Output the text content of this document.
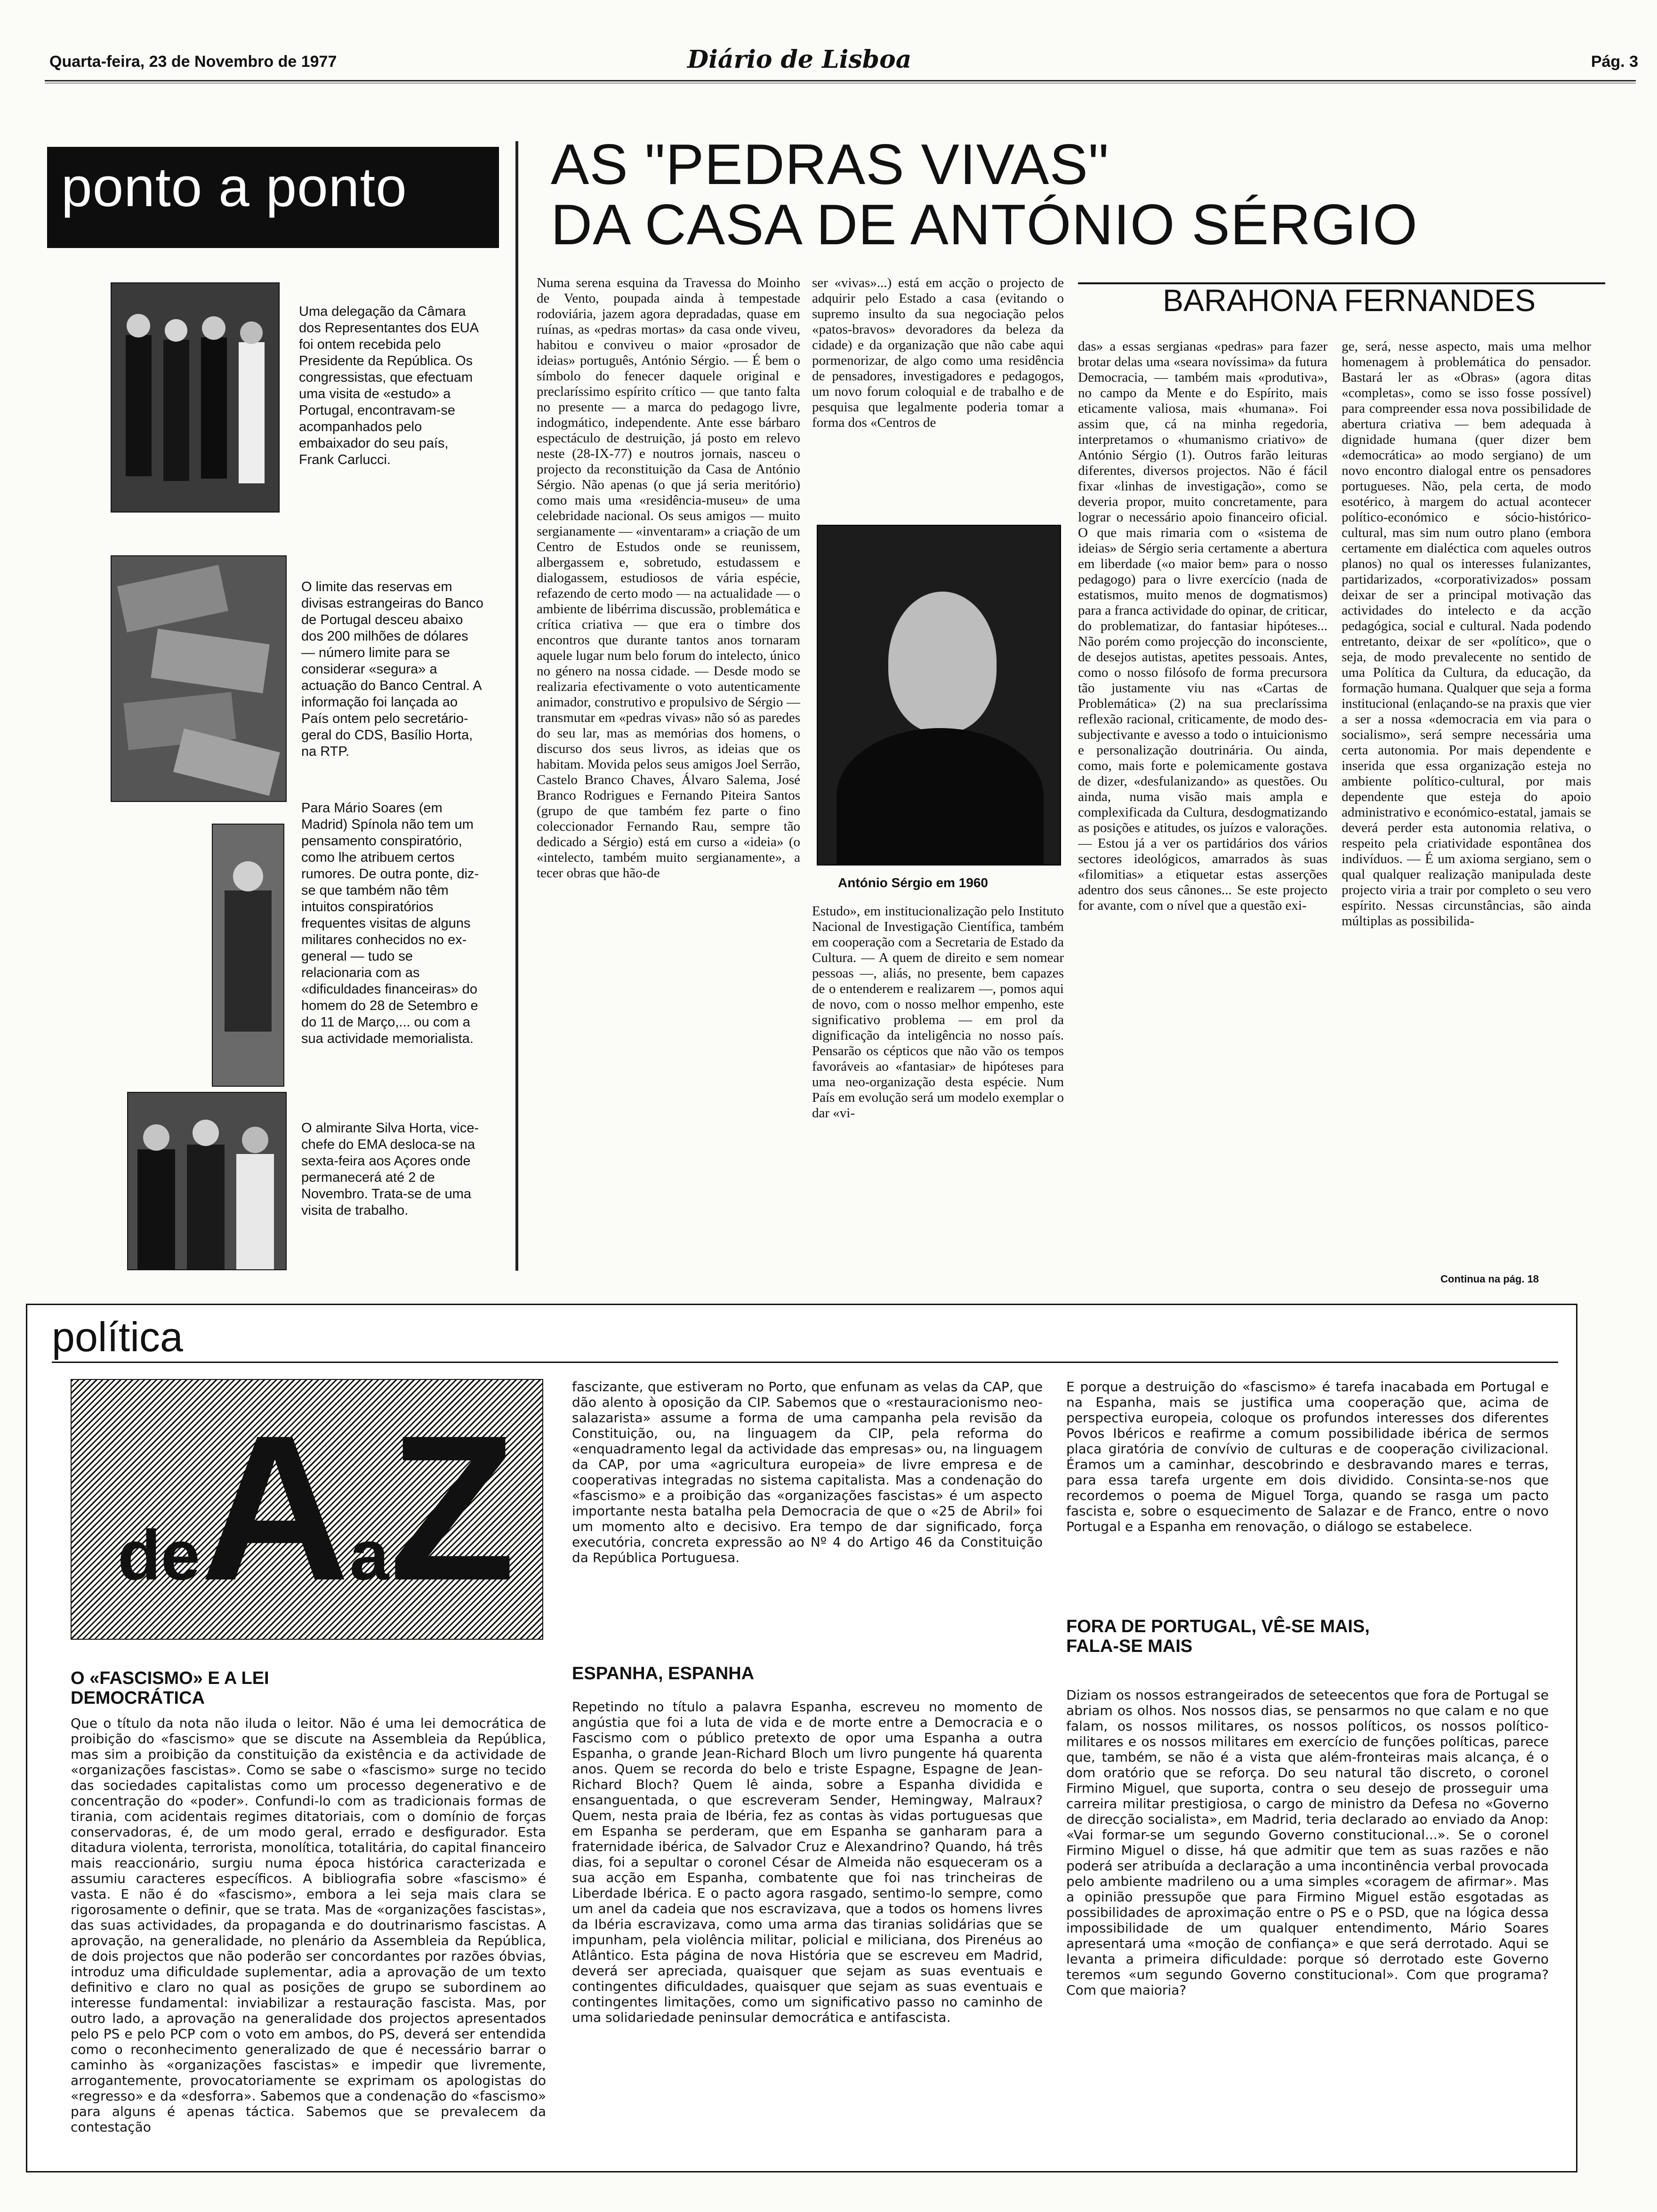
Quarta-feira, 23 de Novembro de 1977	Diário de Lisboa	Pág. 3
ponto a ponto
Uma delegação da Câmara dos Representantes dos EUA foi ontem recebida pelo Presidente da República. Os congressistas, que efectuam uma visita de «estudo» a Portugal, encontravam-se acompanhados pelo embaixador do seu país, Frank Carlucci.
O limite das reservas em divisas estrangeiras do Banco de Portugal desceu abaixo dos 200 milhões de dólares — número limite para se considerar «segura» a actuação do Banco Central. A informação foi lançada ao País ontem pelo secretário-geral do CDS, Basílio Horta, na RTP.
Para Mário Soares (em Madrid) Spínola não tem um pensamento conspiratório, como lhe atribuem certos rumores. De outra ponte, diz-se que também não têm intuitos conspiratórios frequentes visitas de alguns militares conhecidos no ex-general — tudo se relacionaria com as «dificuldades financeiras» do homem do 28 de Setembro e do 11 de Março,... ou com a sua actividade memorialista.
O almirante Silva Horta, vice-chefe do EMA desloca-se na sexta-feira aos Açores onde permanecerá até 2 de Novembro. Trata-se de uma visita de trabalho.
AS "PEDRAS VIVAS"
DA CASA DE ANTÓNIO SÉRGIO
BARAHONA FERNANDES
Numa serena esquina da Travessa do Moinho de Vento, poupada ainda à tempestade rodoviária, jazem agora depradadas, quase em ruínas, as «pedras mortas» da casa onde viveu, habitou e conviveu o maior «prosador de ideias» português, António Sérgio. — É bem o símbolo do fenecer daquele original e preclaríssimo espírito crítico — que tanto falta no presente — a marca do pedagogo livre, indogmático, independente. Ante esse bárbaro espectáculo de destruição, já posto em relevo neste (28-IX-77) e noutros jornais, nasceu o projecto da reconstituição da Casa de António Sérgio. Não apenas (o que já seria meritório) como mais uma «residência-museu» de uma celebridade nacional. Os seus amigos — muito sergianamente — «inventaram» a criação de um Centro de Estudos onde se reunissem, albergassem e, sobretudo, estudassem e dialogassem, estudiosos de vária espécie, refazendo de certo modo — na actualidade — o ambiente de libérrima discussão, problemática e crítica criativa — que era o timbre dos encontros que durante tantos anos tornaram aquele lugar num belo forum do intelecto, único no género na nossa cidade. — Desde modo se realizaria efectivamente o voto autenticamente animador, construtivo e propulsivo de Sérgio — transmutar em «pedras vivas» não só as paredes do seu lar, mas as memórias dos homens, o discurso dos seus livros, as ideias que os habitam. Movida pelos seus amigos Joel Serrão, Castelo Branco Chaves, Álvaro Salema, José Branco Rodrigues e Fernando Piteira Santos (grupo de que também fez parte o fino coleccionador Fernando Rau, sempre tão dedicado a Sérgio) está em curso a «ideia» (o «intelecto, também muito sergianamente», a tecer obras que hão-de
ser «vivas»...) está em acção o projecto de adquirir pelo Estado a casa (evitando o supremo insulto da sua negociação pelos «patos-bravos» devoradores da beleza da cidade) e da organização que não cabe aqui pormenorizar, de algo como uma residência de pensadores, investigadores e pedagogos, um novo forum coloquial e de trabalho e de pesquisa que legalmente poderia tomar a forma dos «Centros de
António Sérgio em 1960
Estudo», em institucionalização pelo Instituto Nacional de Investigação Científica, também em cooperação com a Secretaria de Estado da Cultura. — A quem de direito e sem nomear pessoas —, aliás, no presente, bem capazes de o entenderem e realizarem —, pomos aqui de novo, com o nosso melhor empenho, este significativo problema — em prol da dignificação da inteligência no nosso país. Pensarão os cépticos que não vão os tempos favoráveis ao «fantasiar» de hipóteses para uma neo-organização desta espécie. Num País em evolução será um modelo exemplar o dar «vi-
das» a essas sergianas «pedras» para fazer brotar delas uma «seara novíssima» da futura Democracia, — também mais «produtiva», no campo da Mente e do Espírito, mais eticamente valiosa, mais «humana». Foi assim que, cá na minha regedoria, interpretamos o «humanismo criativo» de António Sérgio (1). Outros farão leituras diferentes, diversos projectos. Não é fácil fixar «linhas de investigação», como se deveria propor, muito concretamente, para lograr o necessário apoio financeiro oficial. O que mais rimaria com o «sistema de ideias» de Sérgio seria certamente a abertura em liberdade («o maior bem» para o nosso pedagogo) para o livre exercício (nada de estatismos, muito menos de dogmatismos) para a franca actividade do opinar, de criticar, do problematizar, do fantasiar hipóteses... Não porém como projecção do inconsciente, de desejos autistas, apetites pessoais. Antes, como o nosso filósofo de forma precursora tão justamente viu nas «Cartas de Problemática» (2) na sua preclaríssima reflexão racional, criticamente, de modo des-subjectivante e avesso a todo o intuicionismo e personalização doutrinária. Ou ainda, como, mais forte e polemicamente gostava de dizer, «desfulanizando» as questões. Ou ainda, numa visão mais ampla e complexificada da Cultura, desdogmatizando as posições e atitudes, os juízos e valorações. — Estou já a ver os partidários dos vários sectores ideológicos, amarrados às suas «filomitias» a etiquetar estas asserções adentro dos seus cânones... Se este projecto for avante, com o nível que a questão exi-
ge, será, nesse aspecto, mais uma melhor homenagem à problemática do pensador. Bastará ler as «Obras» (agora ditas «completas», como se isso fosse possível) para compreender essa nova possibilidade de abertura criativa — bem adequada à dignidade humana (quer dizer bem «democrática» ao modo sergiano) de um novo encontro dialogal entre os pensadores portugueses. Não, pela certa, de modo esotérico, à margem do actual acontecer político-económico e sócio-histórico-cultural, mas sim num outro plano (embora certamente em dialéctica com aqueles outros planos) no qual os interesses fulanizantes, partidarizados, «corporativizados» possam deixar de ser a principal motivação das actividades do intelecto e da acção pedagógica, social e cultural. Nada podendo entretanto, deixar de ser «político», que o seja, de modo prevalecente no sentido de uma Política da Cultura, da educação, da formação humana. Qualquer que seja a forma institucional (enlaçando-se na praxis que vier a ser a nossa «democracia em via para o socialismo», será sempre necessária uma certa autonomia. Por mais dependente e inserida que essa organização esteja no ambiente político-cultural, por mais dependente que esteja do apoio administrativo e económico-estatal, jamais se deverá perder esta autonomia relativa, o respeito pela criatividade espontânea dos indivíduos. — É um axioma sergiano, sem o qual qualquer realização manipulada deste projecto viria a trair por completo o seu vero espírito. Nessas circunstâncias, são ainda múltiplas as possibilida-
Continua na pág. 18
política
deAaZ
O «FASCISMO» E A LEI DEMOCRÁTICA
Que o título da nota não iluda o leitor. Não é uma lei democrática de proibição do «fascismo» que se discute na Assembleia da República, mas sim a proibição da constituição da existência e da actividade de «organizações fascistas». Como se sabe o «fascismo» surge no tecido das sociedades capitalistas como um processo degenerativo e de concentração do «poder». Confundi-lo com as tradicionais formas de tirania, com acidentais regimes ditatoriais, com o domínio de forças conservadoras, é, de um modo geral, errado e desfigurador. Esta ditadura violenta, terrorista, monolítica, totalitária, do capital financeiro mais reaccionário, surgiu numa época histórica caracterizada e assumiu caracteres específicos. A bibliografia sobre «fascismo» é vasta. E não é do «fascismo», embora a lei seja mais clara se rigorosamente o definir, que se trata. Mas de «organizações fascistas», das suas actividades, da propaganda e do doutrinarismo fascistas. A aprovação, na generalidade, no plenário da Assembleia da República, de dois projectos que não poderão ser concordantes por razões óbvias, introduz uma dificuldade suplementar, adia a aprovação de um texto definitivo e claro no qual as posições de grupo se subordinem ao interesse fundamental: inviabilizar a restauração fascista. Mas, por outro lado, a aprovação na generalidade dos projectos apresentados pelo PS e pelo PCP com o voto em ambos, do PS, deverá ser entendida como o reconhecimento generalizado de que é necessário barrar o caminho às «organizações fascistas» e impedir que livremente, arrogantemente, provocatoriamente se exprimam os apologistas do «regresso» e da «desforra». Sabemos que a condenação do «fascismo» para alguns é apenas táctica. Sabemos que se prevalecem da contestação
fascizante, que estiveram no Porto, que enfunam as velas da CAP, que dão alento à oposição da CIP. Sabemos que o «restauracionismo neo-salazarista» assume a forma de uma campanha pela revisão da Constituição, ou, na linguagem da CIP, pela reforma do «enquadramento legal da actividade das empresas» ou, na linguagem da CAP, por uma «agricultura europeia» de livre empresa e de cooperativas integradas no sistema capitalista. Mas a condenação do «fascismo» e a proibição das «organizações fascistas» é um aspecto importante nesta batalha pela Democracia de que o «25 de Abril» foi um momento alto e decisivo. Era tempo de dar significado, força executória, concreta expressão ao Nº 4 do Artigo 46 da Constituição da República Portuguesa.
ESPANHA, ESPANHA
Repetindo no título a palavra Espanha, escreveu no momento de angústia que foi a luta de vida e de morte entre a Democracia e o Fascismo com o público pretexto de opor uma Espanha a outra Espanha, o grande Jean-Richard Bloch um livro pungente há quarenta anos. Quem se recorda do belo e triste Espagne, Espagne de Jean-Richard Bloch? Quem lê ainda, sobre a Espanha dividida e ensanguentada, o que escreveram Sender, Hemingway, Malraux? Quem, nesta praia de Ibéria, fez as contas às vidas portuguesas que em Espanha se perderam, que em Espanha se ganharam para a fraternidade ibérica, de Salvador Cruz e Alexandrino? Quando, há três dias, foi a sepultar o coronel César de Almeida não esqueceram os a sua acção em Espanha, combatente que foi nas trincheiras de Liberdade Ibérica. E o pacto agora rasgado, sentimo-lo sempre, como um anel da cadeia que nos escravizava, que a todos os homens livres da Ibéria escravizava, como uma arma das tiranias solidárias que se impunham, pela violência militar, policial e miliciana, dos Pirenéus ao Atlântico. Esta página de nova História que se escreveu em Madrid, deverá ser apreciada, quaisquer que sejam as suas eventuais e contingentes dificuldades, quaisquer que sejam as suas eventuais e contingentes limitações, como um significativo passo no caminho de uma solidariedade peninsular democrática e antifascista.
E porque a destruição do «fascismo» é tarefa inacabada em Portugal e na Espanha, mais se justifica uma cooperação que, acima de perspectiva europeia, coloque os profundos interesses dos diferentes Povos Ibéricos e reafirme a comum possibilidade ibérica de sermos placa giratória de convívio de culturas e de cooperação civilizacional. Éramos um a caminhar, descobrindo e desbravando mares e terras, para essa tarefa urgente em dois dividido. Consinta-se-nos que recordemos o poema de Miguel Torga, quando se rasga um pacto fascista e, sobre o esquecimento de Salazar e de Franco, entre o novo Portugal e a Espanha em renovação, o diálogo se estabelece.
FORA DE PORTUGAL, VÊ-SE MAIS, FALA-SE MAIS
Diziam os nossos estrangeirados de seteecentos que fora de Portugal se abriam os olhos. Nos nossos dias, se pensarmos no que calam e no que falam, os nossos militares, os nossos políticos, os nossos político-militares e os nossos militares em exercício de funções políticas, parece que, também, se não é a vista que além-fronteiras mais alcança, é o dom oratório que se reforça. Do seu natural tão discreto, o coronel Firmino Miguel, que suporta, contra o seu desejo de prosseguir uma carreira militar prestigiosa, o cargo de ministro da Defesa no «Governo de direcção socialista», em Madrid, teria declarado ao enviado da Anop: «Vai formar-se um segundo Governo constitucional...». Se o coronel Firmino Miguel o disse, há que admitir que tem as suas razões e não poderá ser atribuída a declaração a uma incontinência verbal provocada pelo ambiente madrileno ou a uma simples «coragem de afirmar». Mas a opinião pressupõe que para Firmino Miguel estão esgotadas as possibilidades de aproximação entre o PS e o PSD, que na lógica dessa impossibilidade de um qualquer entendimento, Mário Soares apresentará uma «moção de confiança» e que será derrotado. Aqui se levanta a primeira dificuldade: porque só derrotado este Governo teremos «um segundo Governo constitucional». Com que programa? Com que maioria?
